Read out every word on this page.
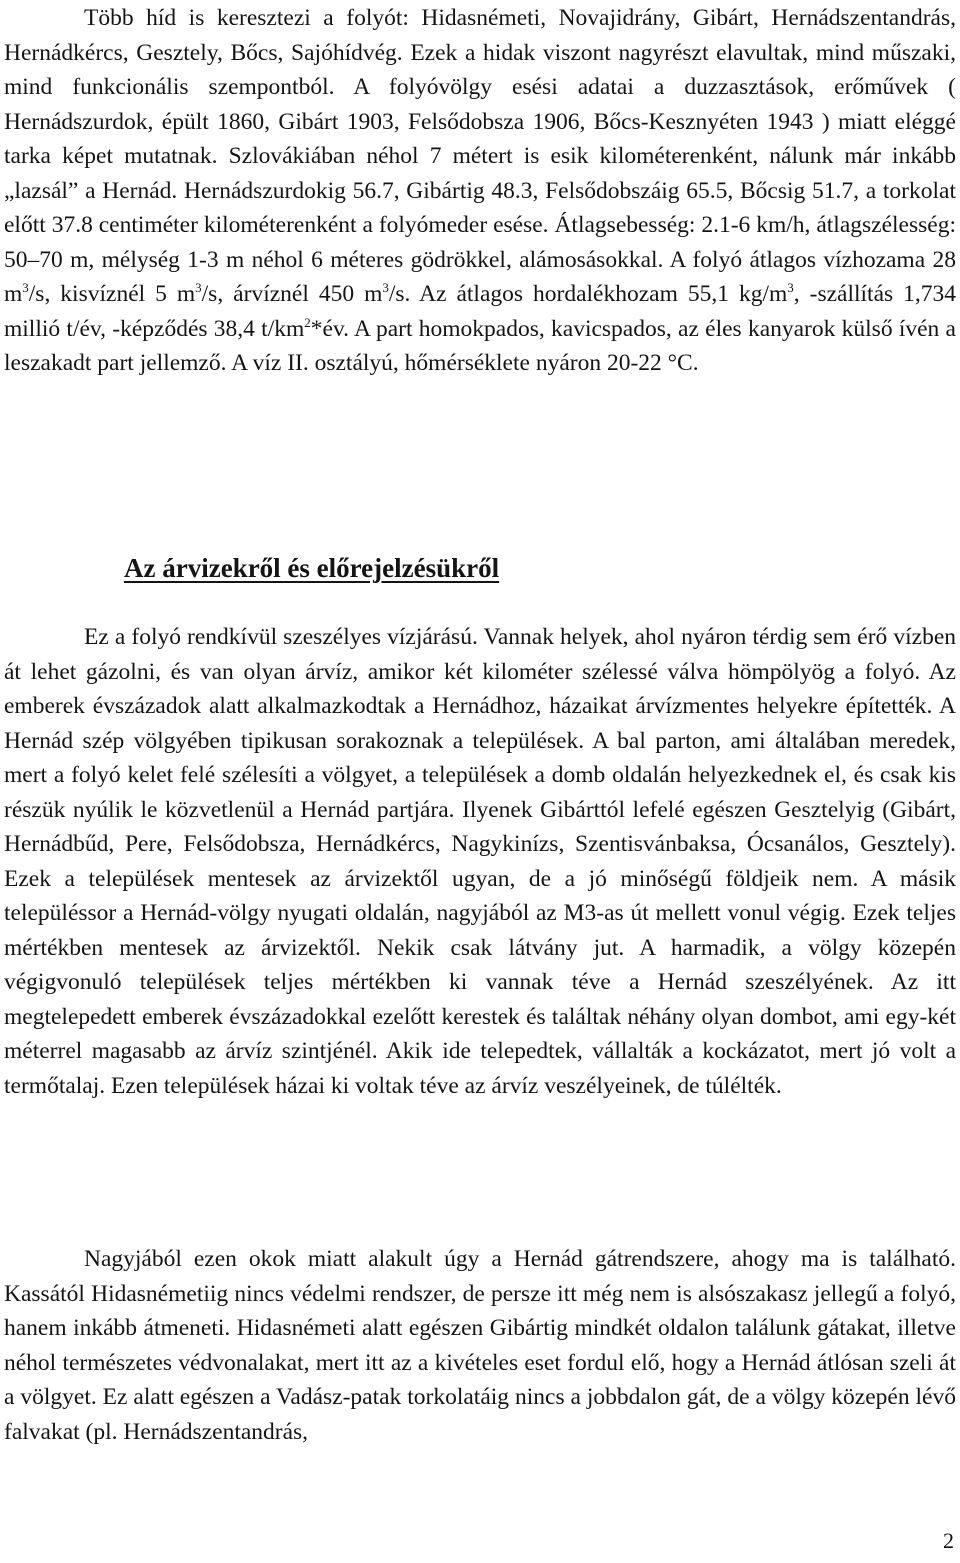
Több híd is keresztezi a folyót: Hidasnémeti, Novajidrány, Gibárt, Hernádszentandrás, Hernádkércs, Gesztely, Bőcs, Sajóhídvég. Ezek a hidak viszont nagyrészt elavultak, mind műszaki, mind funkcionális szempontból. A folyóvölgy esési adatai a duzzasztások, erőművek ( Hernádszurdok, épült 1860, Gibárt 1903, Felsődobsza 1906, Bőcs-Kesznyéten 1943 ) miatt eléggé tarka képet mutatnak. Szlovákiában néhol 7 métert is esik kilométerenként, nálunk már inkább „lazsál” a Hernád. Hernádszurdokig 56.7, Gibártig 48.3, Felsődobszáig 65.5, Bőcsig 51.7, a torkolat előtt 37.8 centiméter kilométerenként a folyómeder esése. Átlagsebesség: 2.1-6 km/h, átlagszélesség: 50–70 m, mélység 1-3 m néhol 6 méteres gödrökkel, alámosásokkal. A folyó átlagos vízhozama 28 $m^3/s$, kisvíznél 5 $m^3/s$, árvíznél 450 $m^3/s$. Az átlagos hordalékhozam 55,1 $kg/m^3$, -szállítás 1,734 millió t/év, -képződés 38,4 $t/km^2*év$. A part homokpados, kavicspados, az éles kanyarok külső ívén a leszakadt part jellemző. A víz II. osztályú, hőmérséklete nyáron 20-22 °C.

Az árvizekről és előrejelzésükről

Ez a folyó rendkívül szeszélyes vízjárású. Vannak helyek, ahol nyáron térdig sem érő vízben át lehet gázolni, és van olyan árvíz, amikor két kilométer szélessé válva hömpölyög a folyó. Az emberek évszázadok alatt alkalmazkodtak a Hernádhoz, házaikat árvízmentes helyekre építették. A Hernád szép völgyében tipikusan sorakoznak a települések. A bal parton, ami általában meredek, mert a folyó kelet felé szélesíti a völgyet, a települések a domb oldalán helyezkednek el, és csak kis részük nyúlik le közvetlenül a Hernád partjára. Ilyenek Gibárttól lefelé egészen Gesztelyig (Gibárt, Hernádbűd, Pere, Felsődobsza, Hernádkércs, Nagykinízs, Szentisvánbaksa, Ócsanálos, Gesztely). Ezek a települések mentesek az árvizektől ugyan, de a jó minőségű földjeik nem. A másik településsor a Hernád-völgy nyugati oldalán, nagyjából az M3-as út mellett vonul végig. Ezek teljes mértékben mentesek az árvizektől. Nekik csak látvány jut. A harmadik, a völgy közepén végigvonuló települések teljes mértékben ki vannak téve a Hernád szeszélyének. Az itt megtelepedett emberek évszázadokkal ezelőtt kerestek és találtak néhány olyan dombot, ami egy-két méterrel magasabb az árvíz szintjénél. Akik ide telepedtek, vállalták a kockázatot, mert jó volt a termőtalaj. Ezen települések házai ki voltak téve az árvíz veszélyeinek, de túlélték.

Nagyjából ezen okok miatt alakult úgy a Hernád gátrendszere, ahogy ma is található. Kassától Hidasnémetiig nincs védelmi rendszer, de persze itt még nem is alsószakasz jellegű a folyó, hanem inkább átmeneti. Hidasnémeti alatt egészen Gibártig mindkét oldalon találunk gátakat, illetve néhol természetes védvonalakat, mert itt az a kivételes eset fordul elő, hogy a Hernád átlósan szeli át a völgyet. Ez alatt egészen a Vadász-patak torkolatáig nincs a jobbdalon gát, de a völgy közepén lévő falvakat (pl. Hernádszentandrás,

2
